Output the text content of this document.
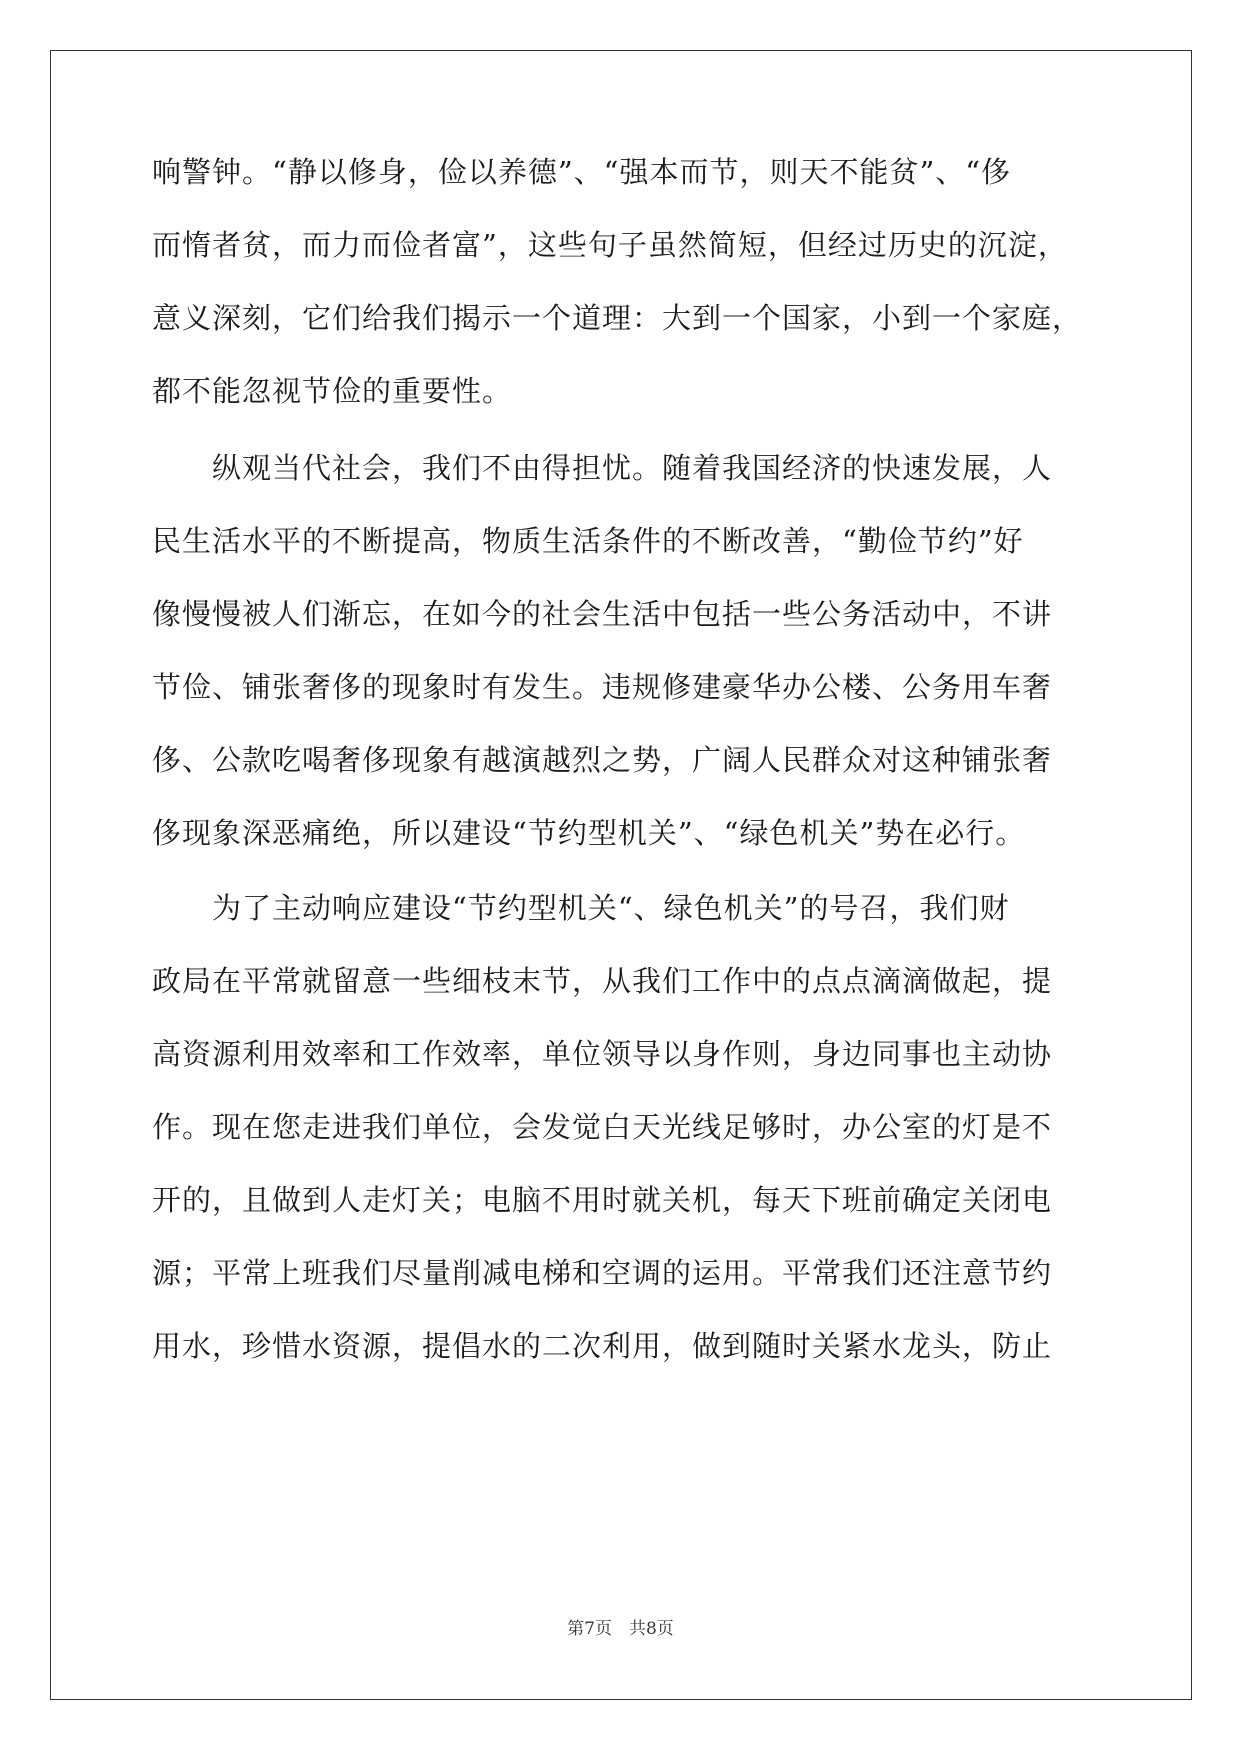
响警钟。“静以修身，俭以养德”、“强本而节，则天不能贫”、“侈
而惰者贫，而力而俭者富”，这些句子虽然简短，但经过历史的沉淀，
意义深刻，它们给我们揭示一个道理：大到一个国家，小到一个家庭，
都不能忽视节俭的重要性。
纵观当代社会，我们不由得担忧。随着我国经济的快速发展，人
民生活水平的不断提高，物质生活条件的不断改善，“勤俭节约”好
像慢慢被人们渐忘，在如今的社会生活中包括一些公务活动中，不讲
节俭、铺张奢侈的现象时有发生。违规修建豪华办公楼、公务用车奢
侈、公款吃喝奢侈现象有越演越烈之势，广阔人民群众对这种铺张奢
侈现象深恶痛绝，所以建设“节约型机关”、“绿色机关”势在必行。
为了主动响应建设“节约型机关“、绿色机关”的号召，我们财
政局在平常就留意一些细枝末节，从我们工作中的点点滴滴做起，提
高资源利用效率和工作效率，单位领导以身作则，身边同事也主动协
作。现在您走进我们单位，会发觉白天光线足够时，办公室的灯是不
开的，且做到人走灯关；电脑不用时就关机，每天下班前确定关闭电
源；平常上班我们尽量削减电梯和空调的运用。平常我们还注意节约
用水，珍惜水资源，提倡水的二次利用，做到随时关紧水龙头，防止
第7页　共8页
